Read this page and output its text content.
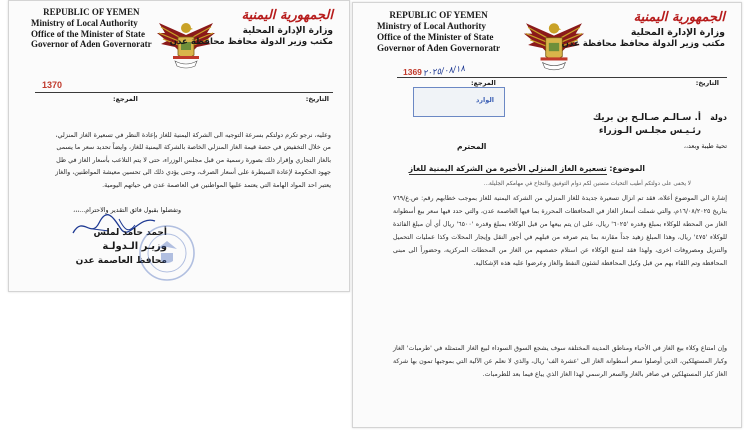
REPUBLIC OF YEMEN
Ministry of Local Authority
Office of the Minister of State
Governor of Aden Governoratr
الجمهورية اليمنية
وزارة الإدارة المحلية
مكتب وزير الدولة محافظ محافظة عدن
1370
التاريخ:
المرجع:

وعليه، نرجو تكرم دولتكم بسرعة التوجيه الى الشركة اليمنية للغاز بإعادة النظر في تسعيرة الغاز المنزلي،

من خلال التخفيض في حصة قيمة الغاز المنزلي الخاصة بالشركة اليمنية للغاز، وايضاً تحديد سعر ما يسمى

بالغاز التجاري وإقرار ذلك بصورة رسمية من قبل مجلس الوزراء، حتى لا يتم التلاعب بأسعار الغاز في ظل

جهود الحكومة لإعادة السيطرة على أسعار الصرف، وحتى يؤدي ذلك الى تحسين معيشة المواطنين، والغاز

يعتبر احد المواد الهامة التي يعتمد عليها المواطنين في العاصمة عدن في حياتهم اليومية.

وتفضلوا بقبول فائق التقدير والاحترام...،،،
أحمد حامد لملس
وزيـر الـدولـة
محافظ العاصمة عدن
REPUBLIC OF YEMEN
Ministry of Local Authority
Office of the Minister of State
Governor of Aden Governoratr
الجمهورية اليمنية
وزارة الإدارة المحلية
مكتب وزير الدولة محافظ محافظة عدن
1369 ٢٠٢٥/٠٨/١٨
التاريخ:
الوارد
المرجع:
دولة
أ. سـالـم صـالـح بن بريك
رئـيـس مجلـس الـوزراء
تحية طيبة وبعد،،
المحترم
الموضوع: تسعيرة الغاز المنزلي الأخيرة من الشركة اليمنية للغاز
لا يخفى على دولتكم أطيب التحيات متمنين لكم دوام التوفيق والنجاح في مهامكم الجليلة...

إشارة الى الموضوع أعلاه، فقد تم انزال تسعيرة جديدة للغاز المنزلي من الشركة اليمنية للغاز بموجب خطابهم رقم: ص.ع/٧٦٩ بتاريخ ١٦/٠٨/٢٠٢٥م، والتي شملت أسعار الغاز في المحافظات المحررة بما فيها العاصمة عدن، والتي حدد فيها سعر بيع أسطوانة الغاز من المحطة للوكلاء بمبلغ وقدره '٦٠٢٥' ريال، على ان يتم بيعها من قبل الوكلاء بمبلغ وقدره '٦٥٠٠' ريال أي أن مبلغ الفائدة للوكلاء '٤٧٥' ريال، وهذا المبلغ زهيد جداً مقارنة بما يتم صرفه من قبلهم في أجور النقل وإيجار المحلات وكذا عمليات التحميل والتنزيل ومصروفات اخرى، ولهذا فقد امتنع الوكلاء عن استلام حصصهم من الغاز من المحطات المركزية، وحضوراً الى مبنى المحافظة وتم اللقاء بهم من قبل وكيل المحافظة لشئون النفط والغاز وعرضوا عليه هذه الإشكالية.

وإن امتناع وكلاء بيع الغاز في الأحياء ومناطق المدينة المختلفة سوف يشجع السوق السوداء لبيع الغاز المتمثلة في 'طرمبات' الغاز وكبار المستهلكين، الذين أوصلوا سعر أسطوانة الغاز الى 'عشرة الف' ريال، والذي لا نعلم عن الآلية التي بموجبها تمون بها شركة الغاز كبار المستهلكين في صافر بالغاز والسعر الرسمي لهذا الغاز الذي يباع فيما بعد للطرمبات.
